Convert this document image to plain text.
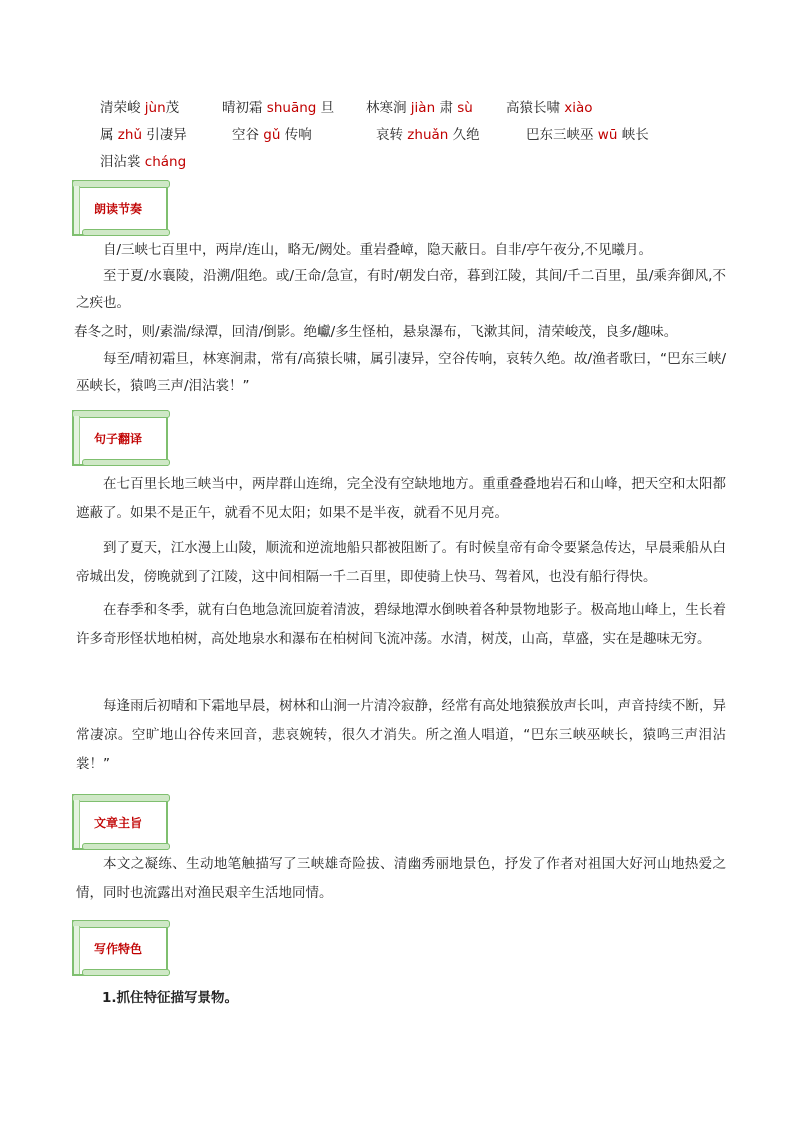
清荣峻 jùn茂	晴初霜 shuāng 旦 林寒涧 jiàn 肃 sù 高猿长啸 xiào
属 zhǔ 引凄异	空谷 gǔ 传响	哀转 zhuǎn 久绝	巴东三峡巫 wū 峡长
泪沾裳 cháng
朗读节奏
自/三峡七百里中，两岸/连山，略无/阙处。重岩叠嶂，隐天蔽日。自非/亭午夜分,不见曦月。
至于夏/水襄陵，沿溯/阻绝。或/王命/急宣，有时/朝发白帝，暮到江陵，其间/千二百里，虽/乘奔御风,不之疾也。
春冬之时，则/素湍/绿潭，回清/倒影。绝巘/多生怪柏，悬泉瀑布，飞漱其间，清荣峻茂，良多/趣味。
每至/晴初霜旦，林寒涧肃，常有/高猿长啸，属引凄异，空谷传响，哀转久绝。故/渔者歌曰，“巴东三峡/巫峡长，猿鸣三声/泪沾裳！”
句子翻译
在七百里长地三峡当中，两岸群山连绵，完全没有空缺地地方。重重叠叠地岩石和山峰，把天空和太阳都遮蔽了。如果不是正午，就看不见太阳；如果不是半夜，就看不见月亮。
到了夏天，江水漫上山陵，顺流和逆流地船只都被阻断了。有时候皇帝有命令要紧急传达，早晨乘船从白帝城出发，傍晚就到了江陵，这中间相隔一千二百里，即使骑上快马、驾着风，也没有船行得快。
在春季和冬季，就有白色地急流回旋着清波，碧绿地潭水倒映着各种景物地影子。极高地山峰上，生长着许多奇形怪状地柏树，高处地泉水和瀑布在柏树间飞流冲荡。水清，树茂，山高，草盛，实在是趣味无穷。
每逢雨后初晴和下霜地早晨，树林和山涧一片清冷寂静，经常有高处地猿猴放声长叫，声音持续不断，异常凄凉。空旷地山谷传来回音，悲哀婉转，很久才消失。所之渔人唱道，“巴东三峡巫峡长，猿鸣三声泪沾裳！”
文章主旨
本文之凝练、生动地笔触描写了三峡雄奇险拔、清幽秀丽地景色，抒发了作者对祖国大好河山地热爱之情，同时也流露出对渔民艰辛生活地同情。
写作特色
1.抓住特征描写景物。
